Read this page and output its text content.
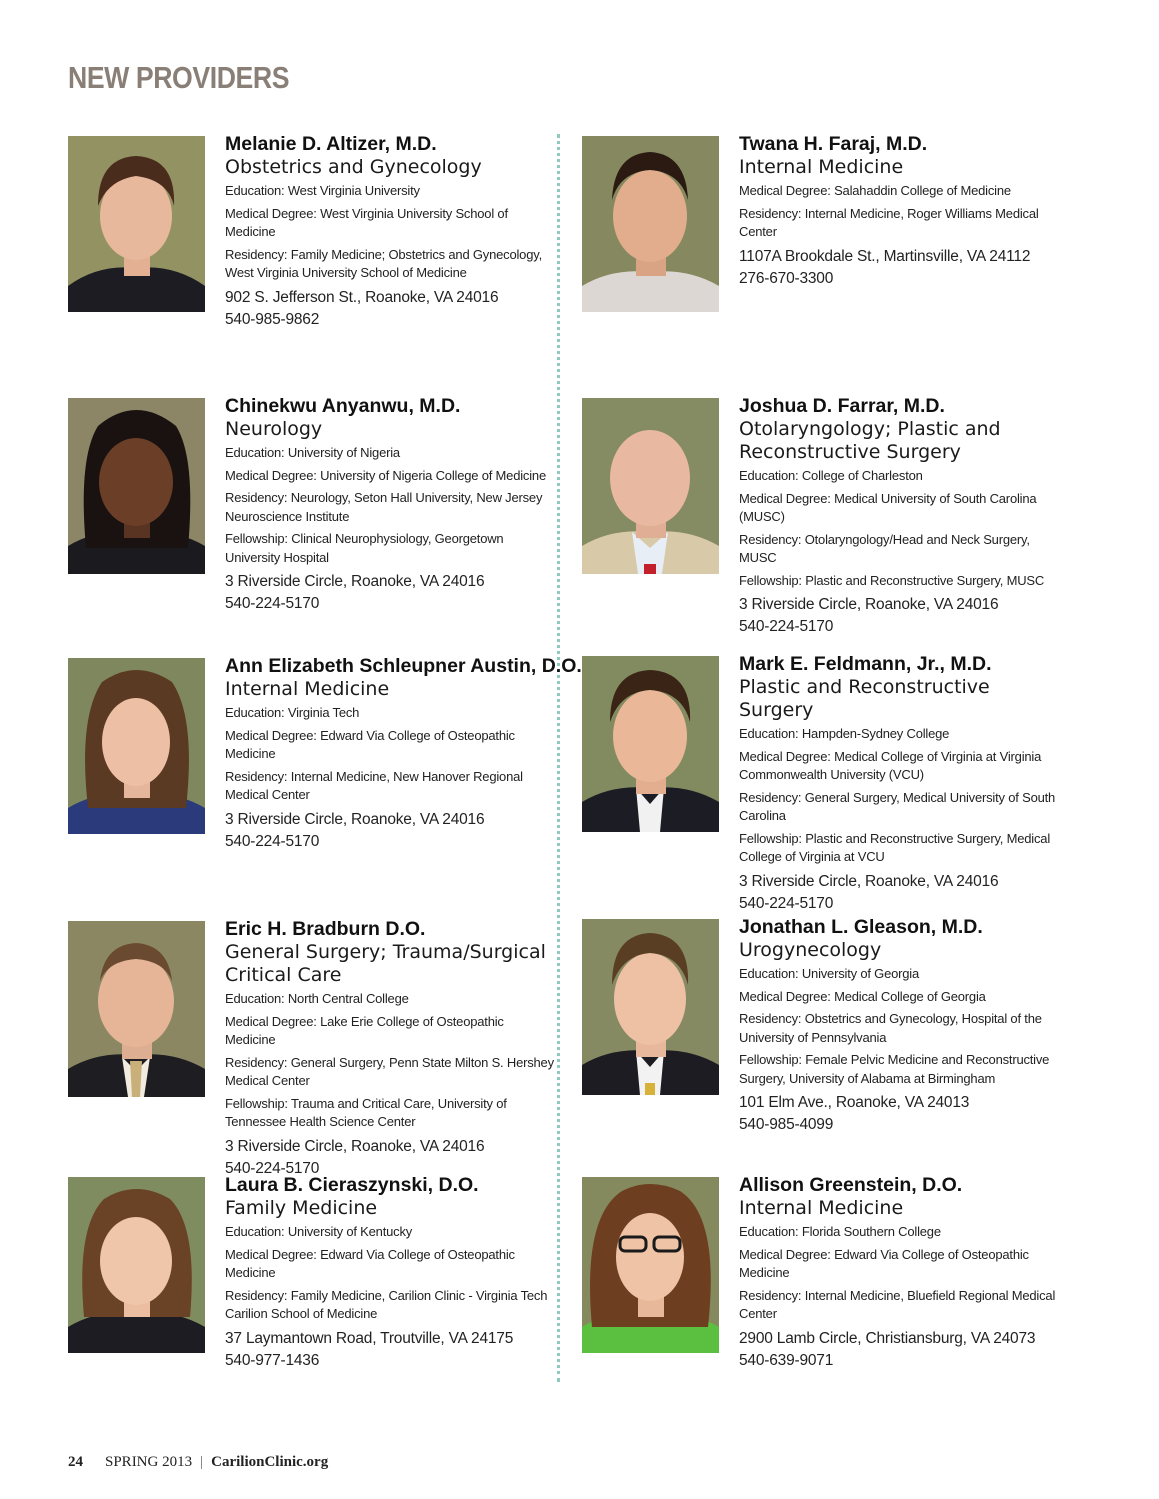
NEW PROVIDERS
Melanie D. Altizer, M.D.
Obstetrics and Gynecology
Education: West Virginia University
Medical Degree: West Virginia University School of Medicine
Residency: Family Medicine; Obstetrics and Gynecology, West Virginia University School of Medicine
902 S. Jefferson St., Roanoke, VA 24016
540-985-9862
Chinekwu Anyanwu, M.D.
Neurology
Education: University of Nigeria
Medical Degree: University of Nigeria College of Medicine
Residency: Neurology, Seton Hall University, New Jersey Neuroscience Institute
Fellowship: Clinical Neurophysiology, Georgetown University Hospital
3 Riverside Circle, Roanoke, VA 24016
540-224-5170
Ann Elizabeth Schleupner Austin, D.O.
Internal Medicine
Education: Virginia Tech
Medical Degree: Edward Via College of Osteopathic Medicine
Residency: Internal Medicine, New Hanover Regional Medical Center
3 Riverside Circle, Roanoke, VA 24016
540-224-5170
Eric H. Bradburn D.O.
General Surgery; Trauma/Surgical Critical Care
Education: North Central College
Medical Degree: Lake Erie College of Osteopathic Medicine
Residency: General Surgery, Penn State Milton S. Hershey Medical Center
Fellowship: Trauma and Critical Care, University of Tennessee Health Science Center
3 Riverside Circle, Roanoke, VA 24016
540-224-5170
Laura B. Cieraszynski, D.O.
Family Medicine
Education: University of Kentucky
Medical Degree: Edward Via College of Osteopathic Medicine
Residency: Family Medicine, Carilion Clinic - Virginia Tech Carilion School of Medicine
37 Laymantown Road, Troutville, VA 24175
540-977-1436
Twana H. Faraj, M.D.
Internal Medicine
Medical Degree: Salahaddin College of Medicine
Residency: Internal Medicine, Roger Williams Medical Center
1107A Brookdale St., Martinsville, VA 24112
276-670-3300
Joshua D. Farrar, M.D.
Otolaryngology; Plastic and Reconstructive Surgery
Education: College of Charleston
Medical Degree: Medical University of South Carolina (MUSC)
Residency: Otolaryngology/Head and Neck Surgery, MUSC
Fellowship: Plastic and Reconstructive Surgery, MUSC
3 Riverside Circle, Roanoke, VA 24016
540-224-5170
Mark E. Feldmann, Jr., M.D.
Plastic and Reconstructive Surgery
Education: Hampden-Sydney College
Medical Degree: Medical College of Virginia at Virginia Commonwealth University (VCU)
Residency: General Surgery, Medical University of South Carolina
Fellowship: Plastic and Reconstructive Surgery, Medical College of Virginia at VCU
3 Riverside Circle, Roanoke, VA 24016
540-224-5170
Jonathan L. Gleason, M.D.
Urogynecology
Education: University of Georgia
Medical Degree: Medical College of Georgia
Residency: Obstetrics and Gynecology, Hospital of the University of Pennsylvania
Fellowship: Female Pelvic Medicine and Reconstructive Surgery, University of Alabama at Birmingham
101 Elm Ave., Roanoke, VA 24013
540-985-4099
Allison Greenstein, D.O.
Internal Medicine
Education: Florida Southern College
Medical Degree: Edward Via College of Osteopathic Medicine
Residency: Internal Medicine, Bluefield Regional Medical Center
2900 Lamb Circle, Christiansburg, VA 24073
540-639-9071
24 SPRING 2013 | CarilionClinic.org
